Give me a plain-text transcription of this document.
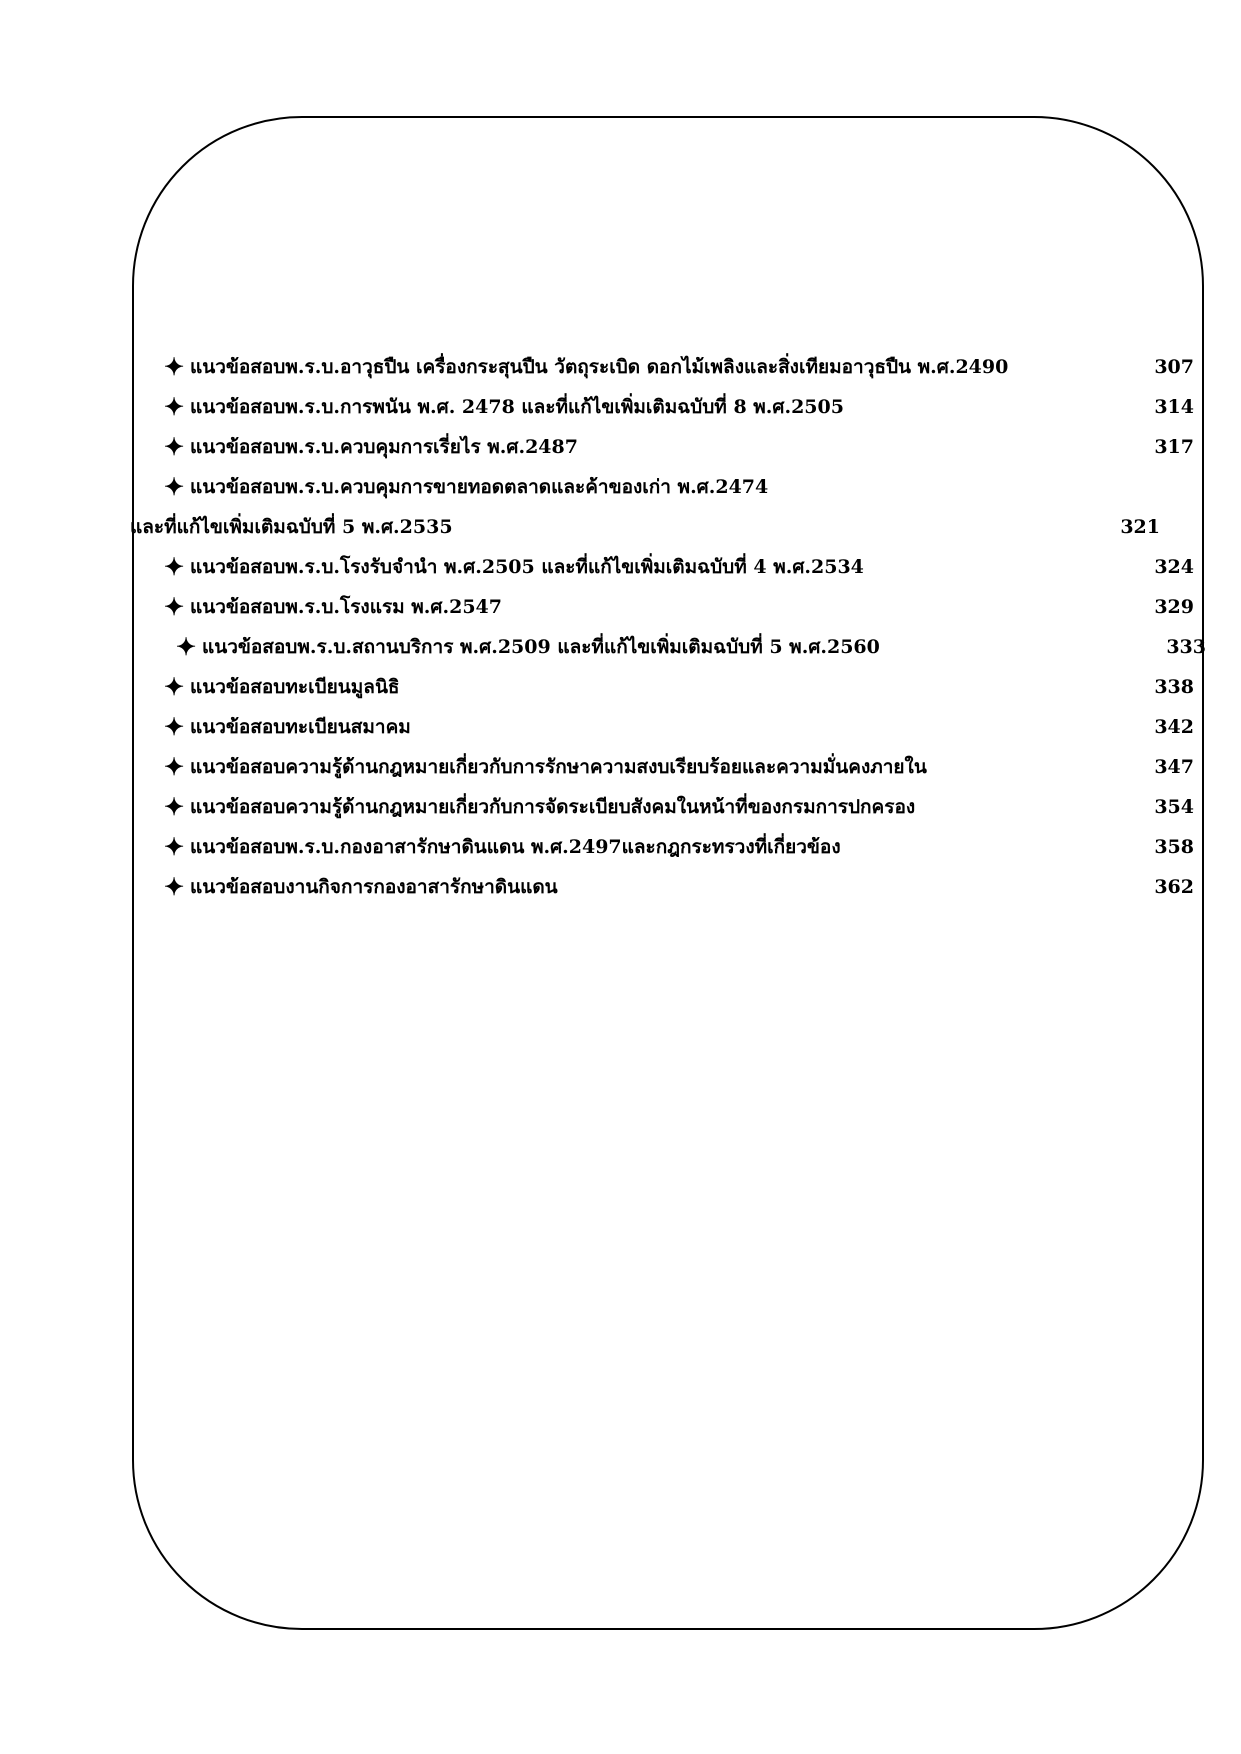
✦ แนวข้อสอบพ.ร.บ.อาวุธปืน เครื่องกระสุนปืน วัตถุระเบิด ดอกไม้เพลิงและสิ่งเทียมอาวุธปืน พ.ศ.2490	307
✦ แนวข้อสอบพ.ร.บ.การพนัน พ.ศ. 2478 และที่แก้ไขเพิ่มเติมฉบับที่ 8 พ.ศ.2505	314
✦ แนวข้อสอบพ.ร.บ.ควบคุมการเรี่ยไร พ.ศ.2487	317
✦ แนวข้อสอบพ.ร.บ.ควบคุมการขายทอดตลาดและค้าของเก่า พ.ศ.2474
และที่แก้ไขเพิ่มเติมฉบับที่ 5 พ.ศ.2535	321
✦ แนวข้อสอบพ.ร.บ.โรงรับจำนำ พ.ศ.2505 และที่แก้ไขเพิ่มเติมฉบับที่ 4 พ.ศ.2534	324
✦ แนวข้อสอบพ.ร.บ.โรงแรม พ.ศ.2547	329
✦ แนวข้อสอบพ.ร.บ.สถานบริการ พ.ศ.2509 และที่แก้ไขเพิ่มเติมฉบับที่ 5 พ.ศ.2560	333
✦ แนวข้อสอบทะเบียนมูลนิธิ	338
✦ แนวข้อสอบทะเบียนสมาคม	342
✦ แนวข้อสอบความรู้ด้านกฎหมายเกี่ยวกับการรักษาความสงบเรียบร้อยและความมั่นคงภายใน	347
✦ แนวข้อสอบความรู้ด้านกฎหมายเกี่ยวกับการจัดระเบียบสังคมในหน้าที่ของกรมการปกครอง	354
✦ แนวข้อสอบพ.ร.บ.กองอาสารักษาดินแดน พ.ศ.2497และกฎกระทรวงที่เกี่ยวข้อง	358
✦ แนวข้อสอบงานกิจการกองอาสารักษาดินแดน	362
